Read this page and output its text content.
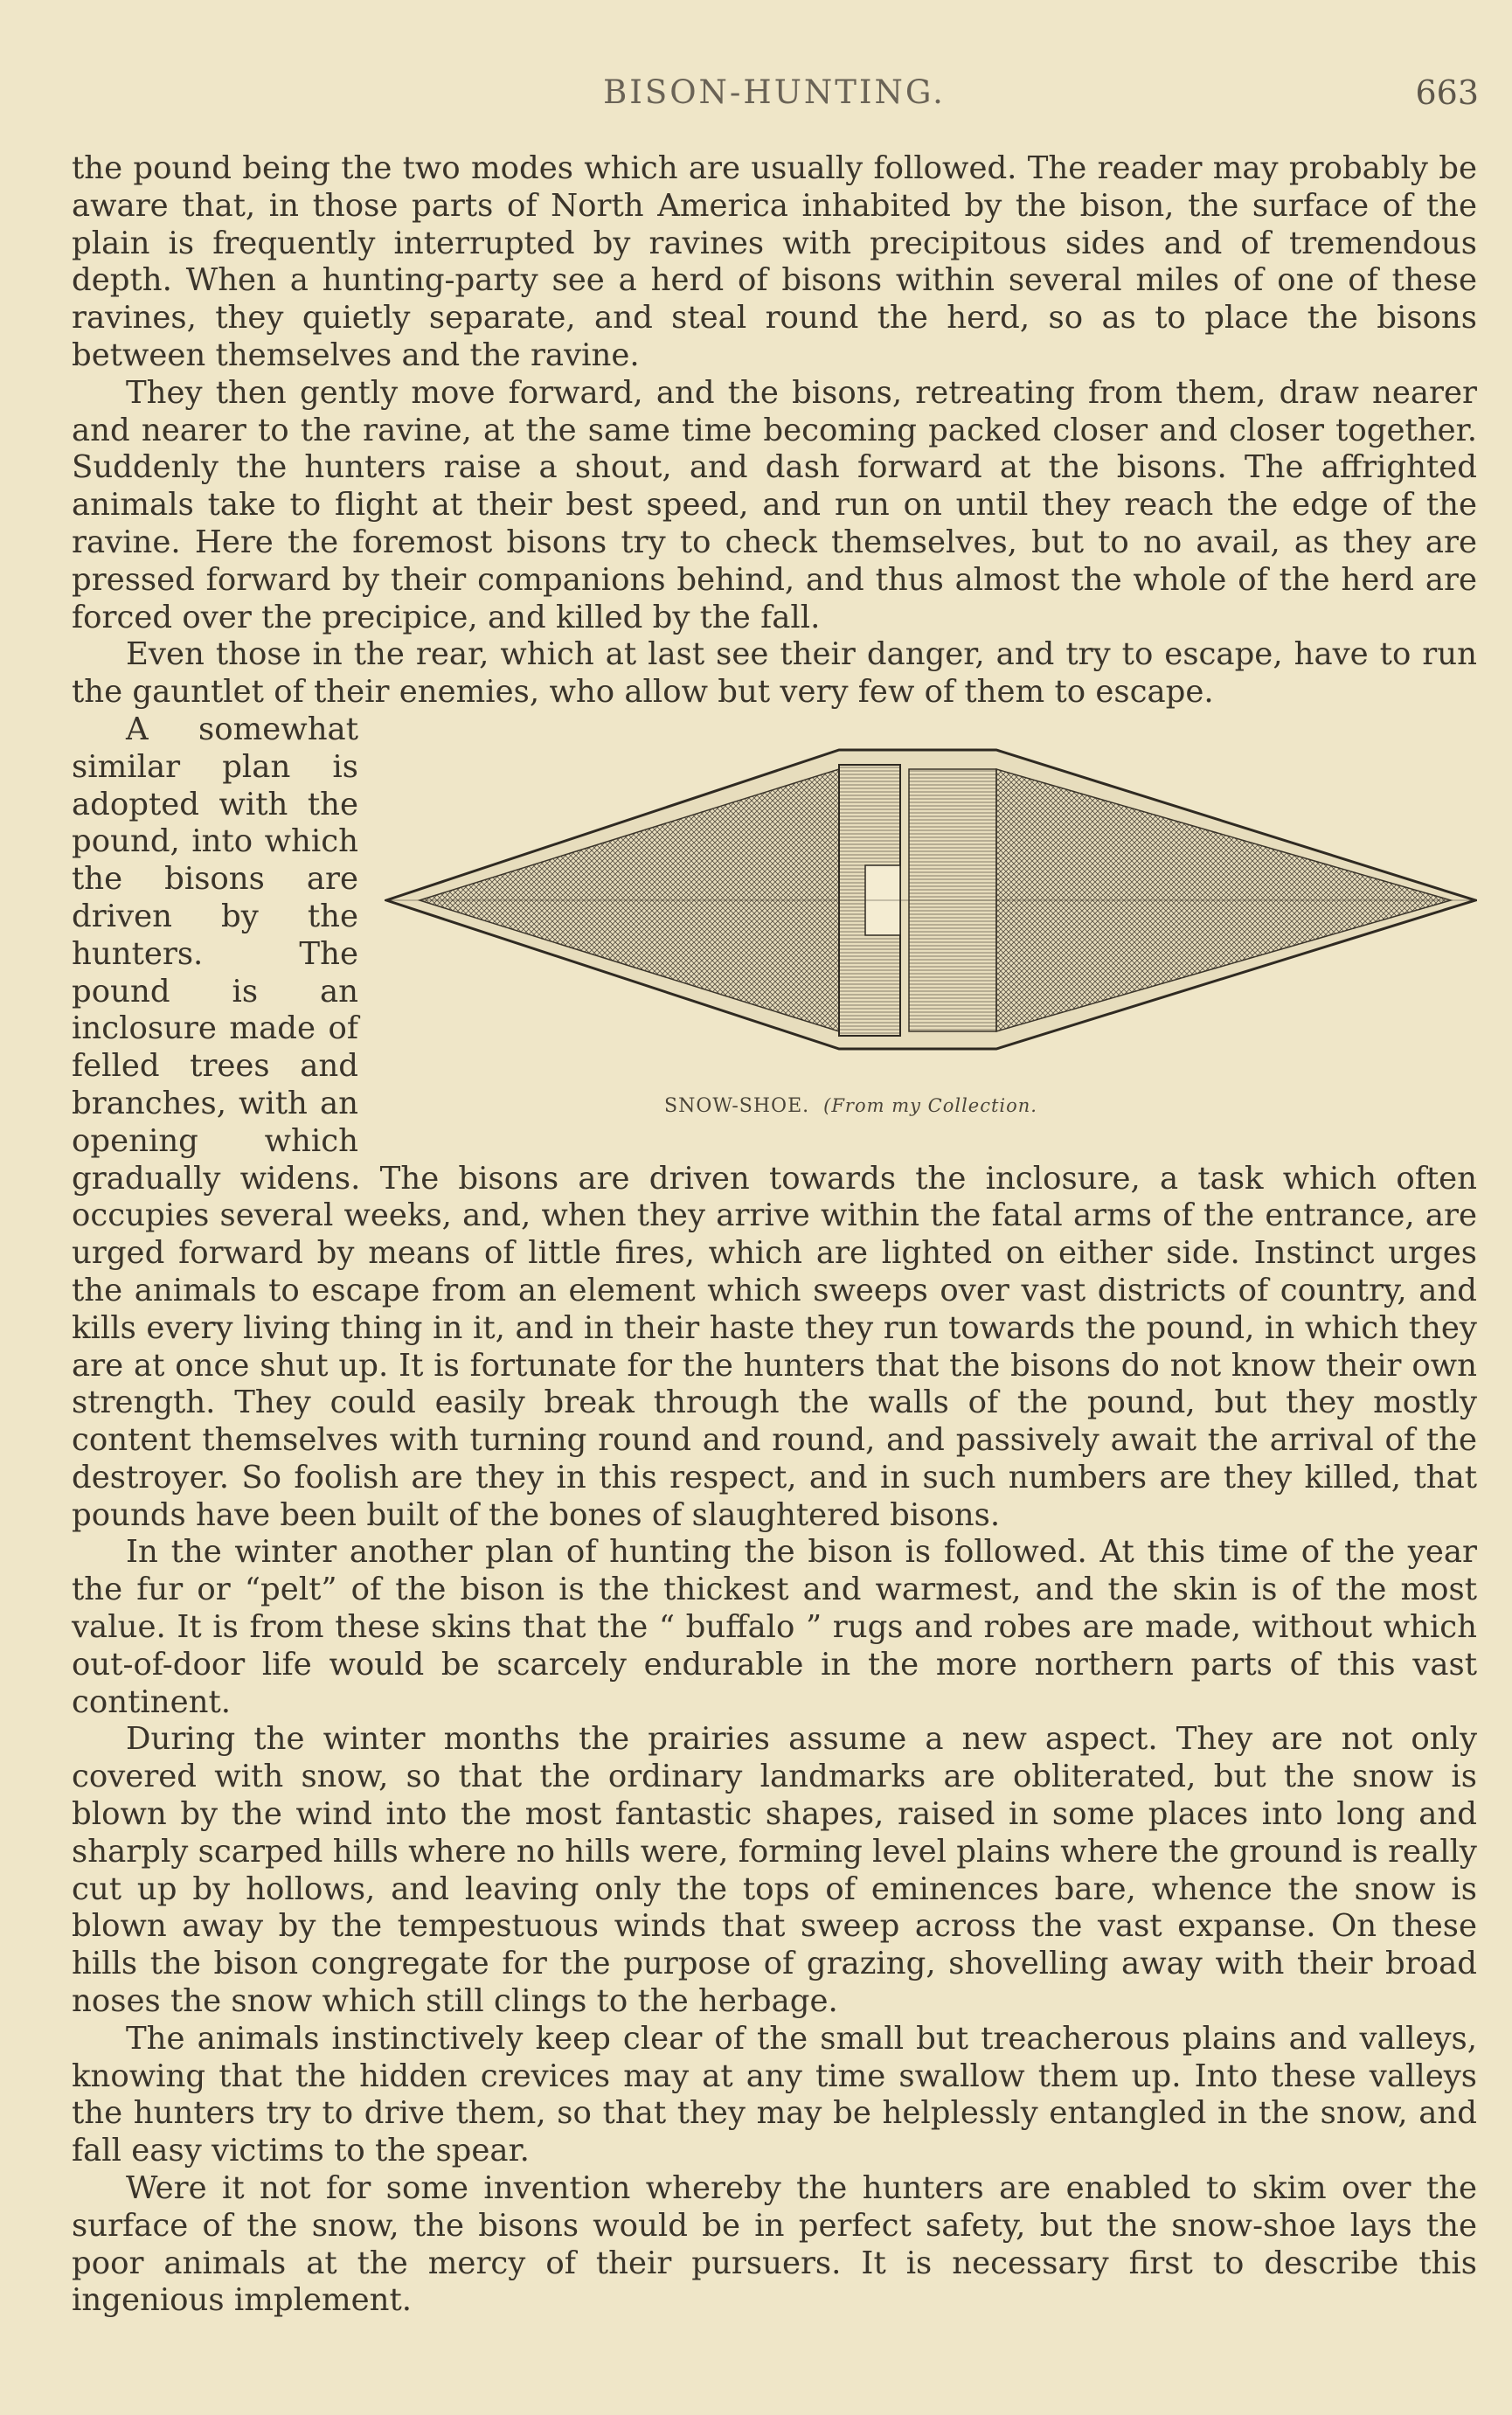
BISON-HUNTING.	663

the pound being the two modes which are usually followed. The reader may probably be aware that, in those parts of North America inhabited by the bison, the surface of the plain is frequently interrupted by ravines with precipitous sides and of tremendous depth. When a hunting-party see a herd of bisons within several miles of one of these ravines, they quietly separate, and steal round the herd, so as to place the bisons between themselves and the ravine.

They then gently move forward, and the bisons, retreating from them, draw nearer and nearer to the ravine, at the same time becoming packed closer and closer together. Suddenly the hunters raise a shout, and dash forward at the bisons. The affrighted animals take to flight at their best speed, and run on until they reach the edge of the ravine. Here the foremost bisons try to check themselves, but to no avail, as they are pressed forward by their companions behind, and thus almost the whole of the herd are forced over the precipice, and killed by the fall.

Even those in the rear, which at last see their danger, and try to escape, have to run the gauntlet of their enemies, who allow but very few of them to escape.

SNOW-SHOE. (From my Collection.

A somewhat similar plan is adopted with the pound, into which the bisons are driven by the hunters. The pound is an inclosure made of felled trees and branches, with an opening which gradually widens. The bisons are driven towards the inclosure, a task which often occupies several weeks, and, when they arrive within the fatal arms of the entrance, are urged forward by means of little fires, which are lighted on either side. Instinct urges the animals to escape from an element which sweeps over vast districts of country, and kills every living thing in it, and in their haste they run towards the pound, in which they are at once shut up. It is fortunate for the hunters that the bisons do not know their own strength. They could easily break through the walls of the pound, but they mostly content themselves with turning round and round, and passively await the arrival of the destroyer. So foolish are they in this respect, and in such numbers are they killed, that pounds have been built of the bones of slaughtered bisons.

In the winter another plan of hunting the bison is followed. At this time of the year the fur or “pelt” of the bison is the thickest and warmest, and the skin is of the most value. It is from these skins that the “ buffalo ” rugs and robes are made, without which out-of-door life would be scarcely endurable in the more northern parts of this vast continent.

During the winter months the prairies assume a new aspect. They are not only covered with snow, so that the ordinary landmarks are obliterated, but the snow is blown by the wind into the most fantastic shapes, raised in some places into long and sharply scarped hills where no hills were, forming level plains where the ground is really cut up by hollows, and leaving only the tops of eminences bare, whence the snow is blown away by the tempestuous winds that sweep across the vast expanse. On these hills the bison congregate for the purpose of grazing, shovelling away with their broad noses the snow which still clings to the herbage.

The animals instinctively keep clear of the small but treacherous plains and valleys, knowing that the hidden crevices may at any time swallow them up. Into these valleys the hunters try to drive them, so that they may be helplessly entangled in the snow, and fall easy victims to the spear.

Were it not for some invention whereby the hunters are enabled to skim over the surface of the snow, the bisons would be in perfect safety, but the snow-shoe lays the poor animals at the mercy of their pursuers. It is necessary first to describe this ingenious implement.
